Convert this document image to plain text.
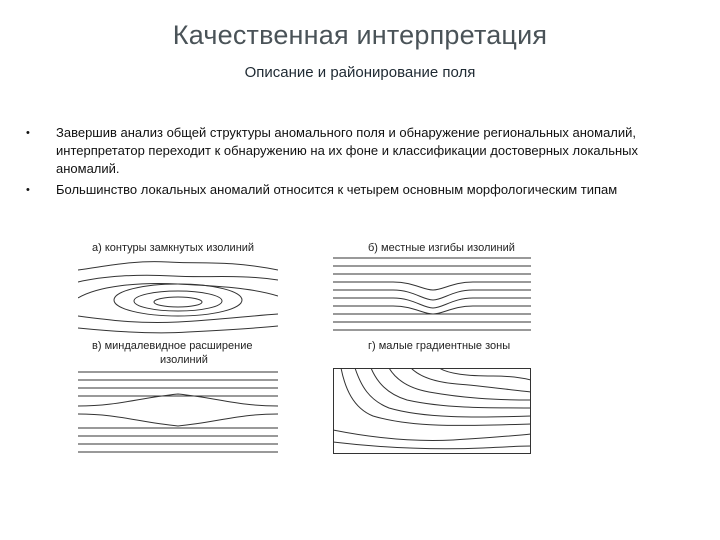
Качественная интерпретация
Описание и районирование поля
• Завершив анализ общей структуры аномального поля и обнаружение региональных аномалий, интерпретатор переходит к обнаружению на их фоне и классификации достоверных локальных аномалий.
• Большинство локальных аномалий относится к четырем основным морфологическим типам
а) контуры замкнутых изолиний	б) местные изгибы изолиний
в) миндалевидное расширение
изолиний
г) малые градиентные зоны
